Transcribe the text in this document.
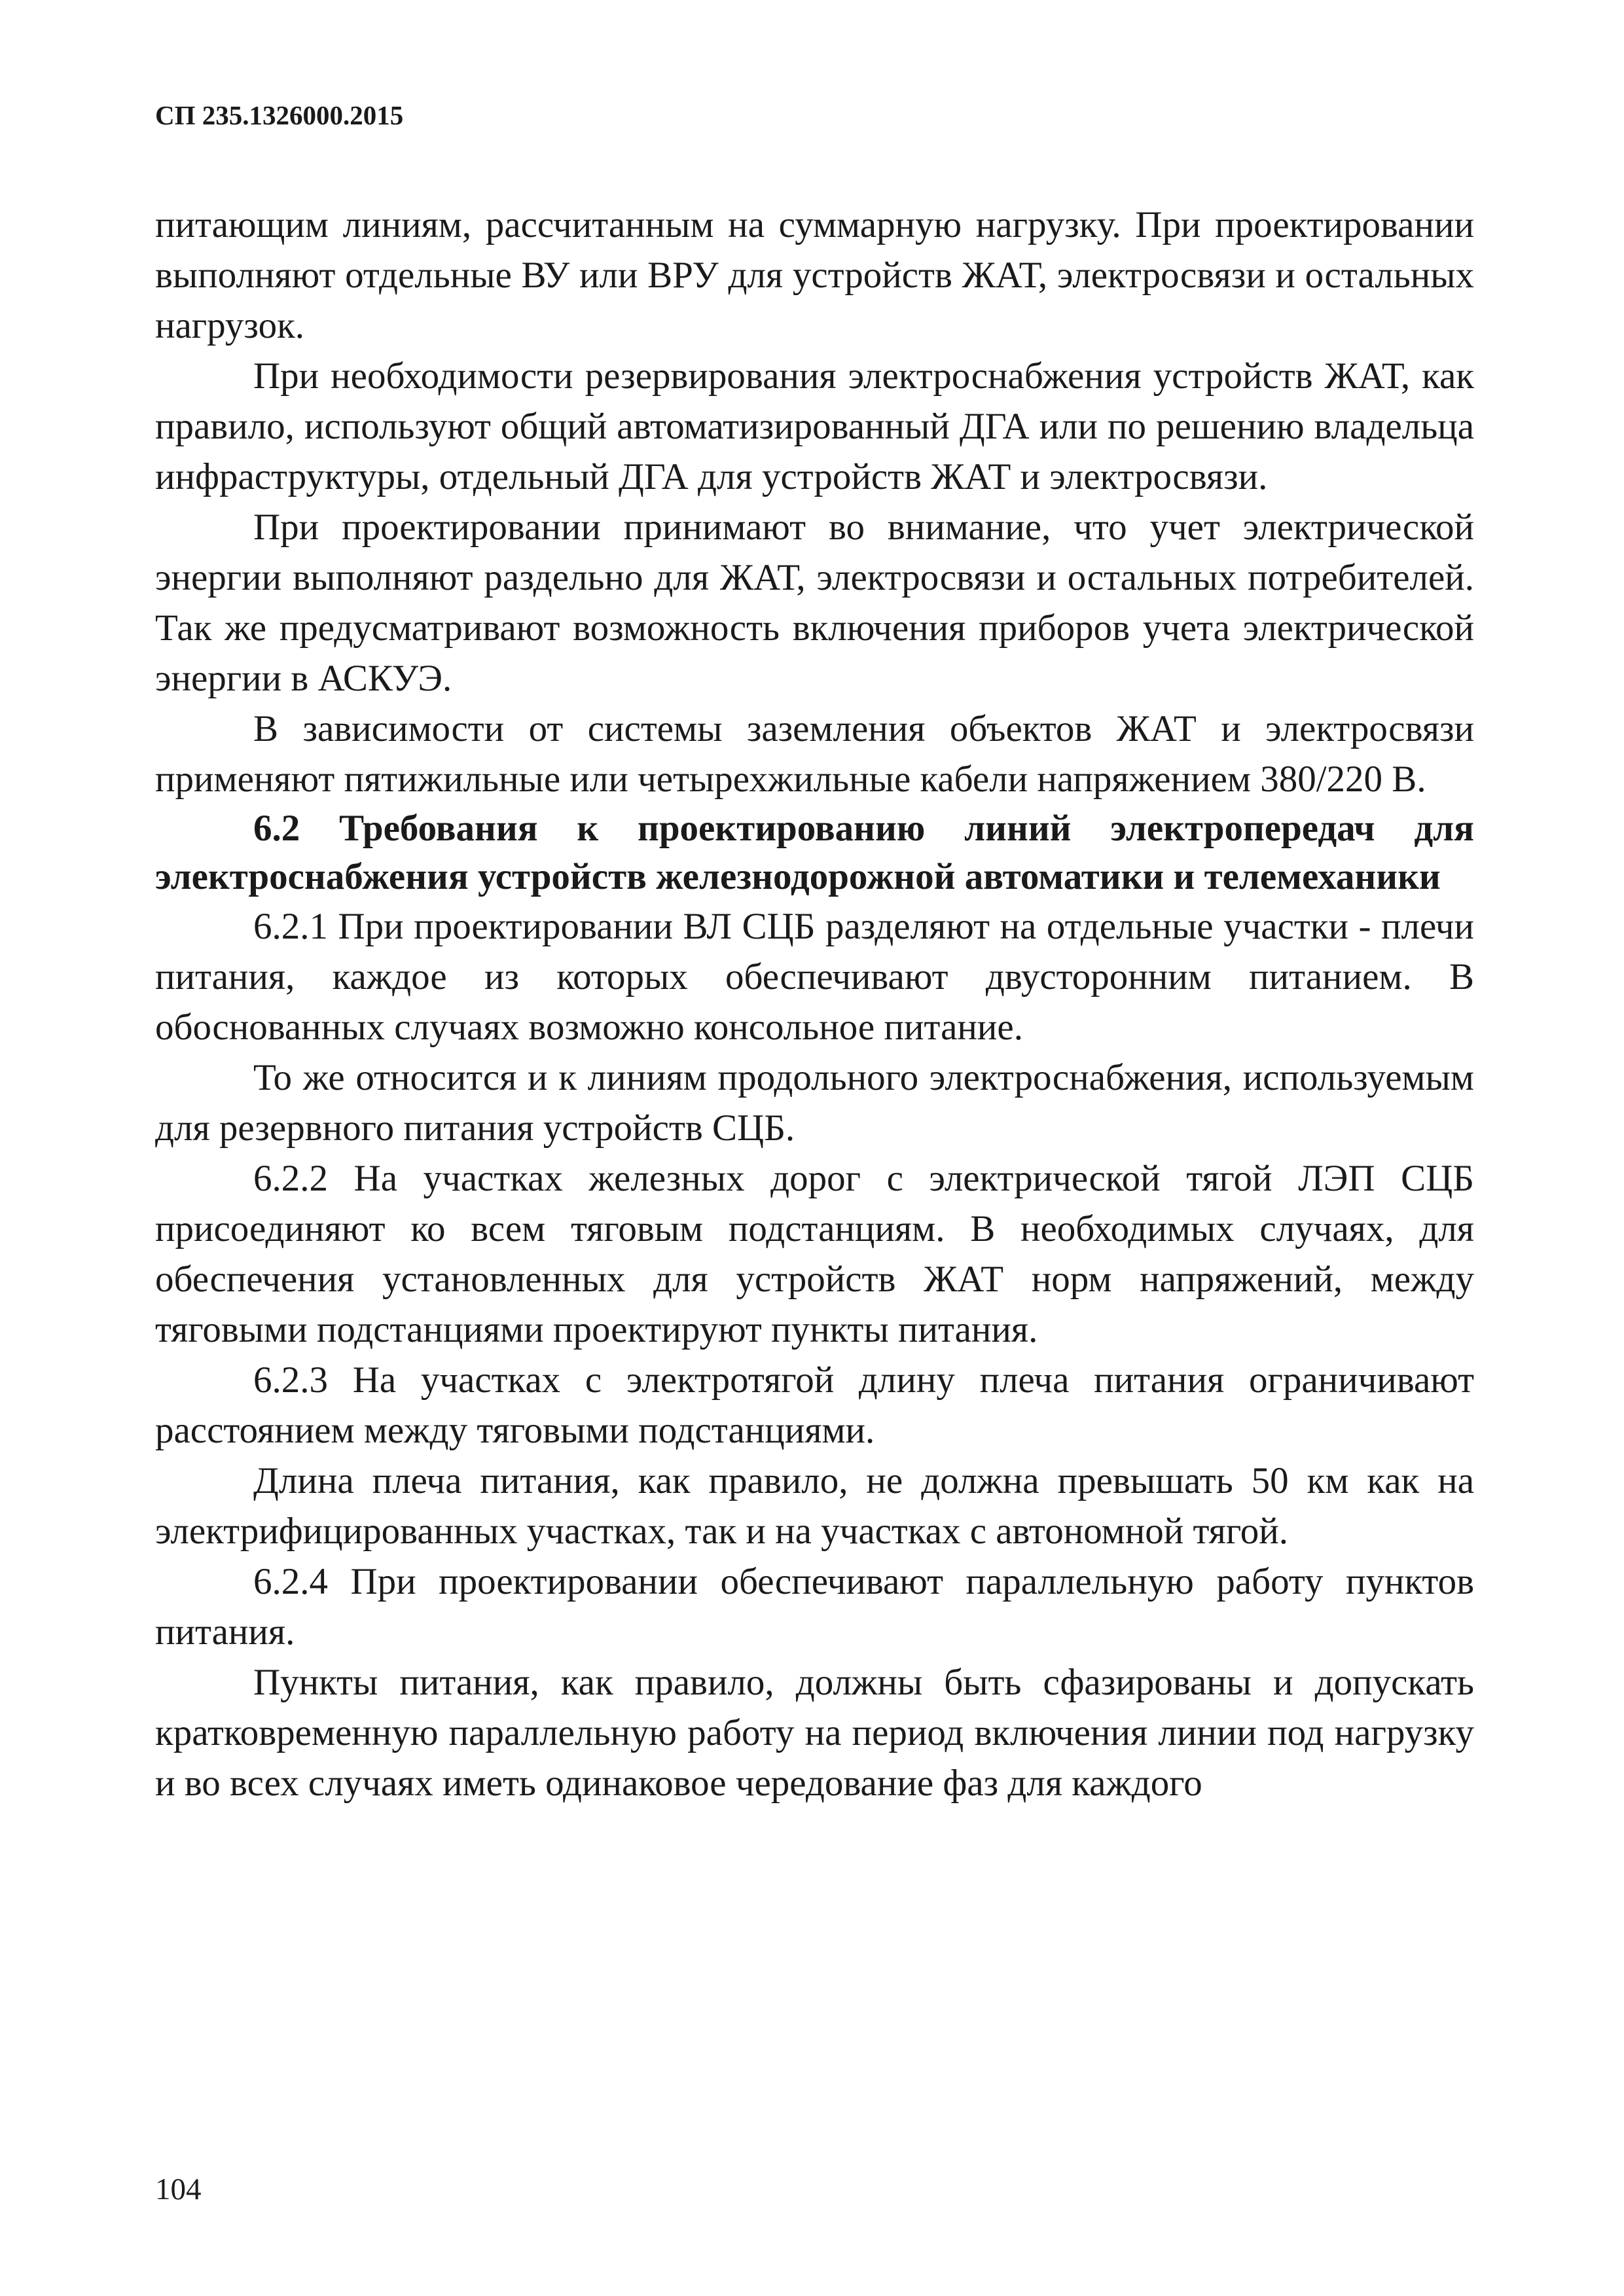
СП 235.1326000.2015

питающим линиям, рассчитанным на суммарную нагрузку. При проектировании выполняют отдельные ВУ или ВРУ для устройств ЖАТ, электросвязи и остальных нагрузок.

При необходимости резервирования электроснабжения устройств ЖАТ, как правило, используют общий автоматизированный ДГА или по решению владельца инфраструктуры, отдельный ДГА для устройств ЖАТ и электросвязи.

При проектировании принимают во внимание, что учет электрической энергии выполняют раздельно для ЖАТ, электросвязи и остальных потребителей. Так же предусматривают возможность включения приборов учета электрической энергии в АСКУЭ.

В зависимости от системы заземления объектов ЖАТ и электросвязи применяют пятижильные или четырехжильные кабели напряжением 380/220 В.

6.2 Требования к проектированию линий электропередач для электроснабжения устройств железнодорожной автоматики и телемеханики

6.2.1 При проектировании ВЛ СЦБ разделяют на отдельные участки - плечи питания, каждое из которых обеспечивают двусторонним питанием. В обоснованных случаях возможно консольное питание.

То же относится и к линиям продольного электроснабжения, используемым для резервного питания устройств СЦБ.

6.2.2 На участках железных дорог с электрической тягой ЛЭП СЦБ присоединяют ко всем тяговым подстанциям. В необходимых случаях, для обеспечения установленных для устройств ЖАТ норм напряжений, между тяговыми подстанциями проектируют пункты питания.

6.2.3 На участках с электротягой длину плеча питания ограничивают расстоянием между тяговыми подстанциями.

Длина плеча питания, как правило, не должна превышать 50 км как на электрифицированных участках, так и на участках с автономной тягой.

6.2.4 При проектировании обеспечивают параллельную работу пунктов питания.

Пункты питания, как правило, должны быть сфазированы и допускать кратковременную параллельную работу на период включения линии под нагрузку и во всех случаях иметь одинаковое чередование фаз для каждого

104
